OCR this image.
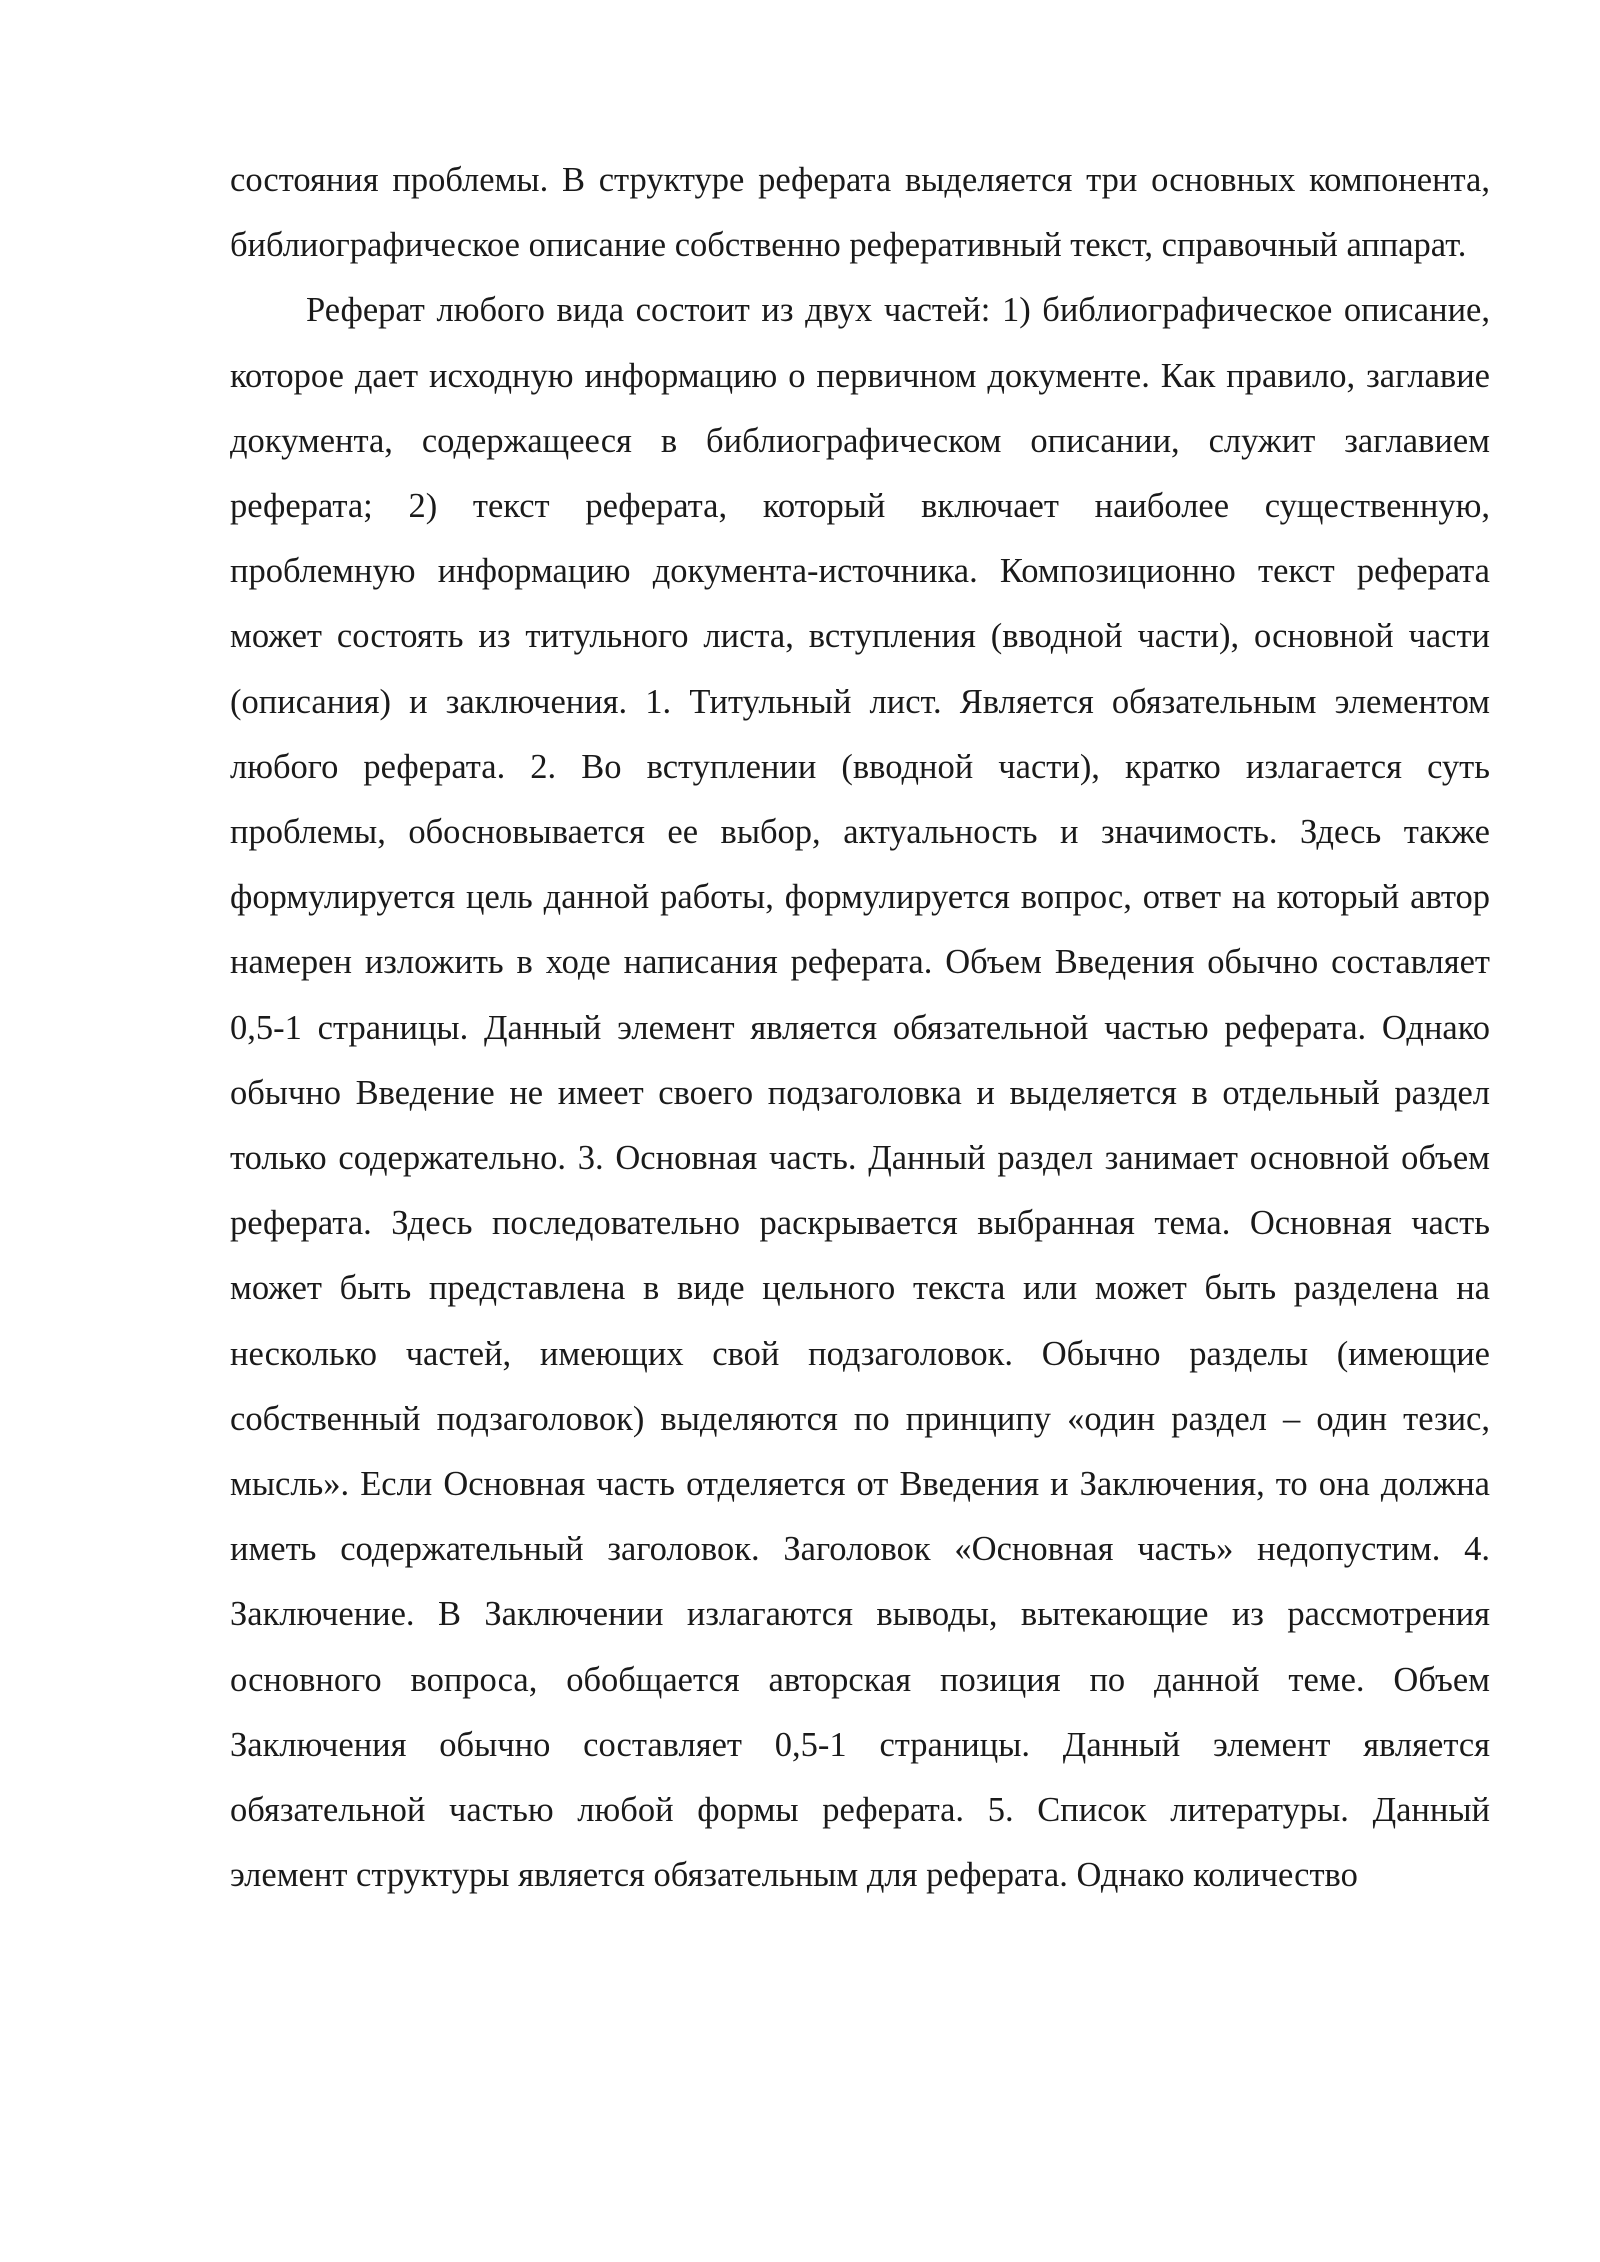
состояния проблемы. В структуре реферата выделяется три основных компонента, библиографическое описание собственно реферативный текст, справочный аппарат.

Реферат любого вида состоит из двух частей: 1) библиографическое описание, которое дает исходную информацию о первичном документе. Как правило, заглавие документа, содержащееся в библиографическом описании, служит заглавием реферата; 2) текст реферата, который включает наиболее существенную, проблемную информацию документа-источника. Композиционно текст реферата может состоять из титульного листа, вступления (вводной части), основной части (описания) и заключения. 1. Титульный лист. Является обязательным элементом любого реферата. 2. Во вступлении (вводной части), кратко излагается суть проблемы, обосновывается ее выбор, актуальность и значимость. Здесь также формулируется цель данной работы, формулируется вопрос, ответ на который автор намерен изложить в ходе написания реферата. Объем Введения обычно составляет 0,5-1 страницы. Данный элемент является обязательной частью реферата. Однако обычно Введение не имеет своего подзаголовка и выделяется в отдельный раздел только содержательно. 3. Основная часть. Данный раздел занимает основной объем реферата. Здесь последовательно раскрывается выбранная тема. Основная часть может быть представлена в виде цельного текста или может быть разделена на несколько частей, имеющих свой подзаголовок. Обычно разделы (имеющие собственный подзаголовок) выделяются по принципу «один раздел – один тезис, мысль». Если Основная часть отделяется от Введения и Заключения, то она должна иметь содержательный заголовок. Заголовок «Основная часть» недопустим. 4. Заключение. В Заключении излагаются выводы, вытекающие из рассмотрения основного вопроса, обобщается авторская позиция по данной теме. Объем Заключения обычно составляет 0,5-1 страницы. Данный элемент является обязательной частью любой формы реферата. 5. Список литературы. Данный элемент структуры является обязательным для реферата. Однако количество
